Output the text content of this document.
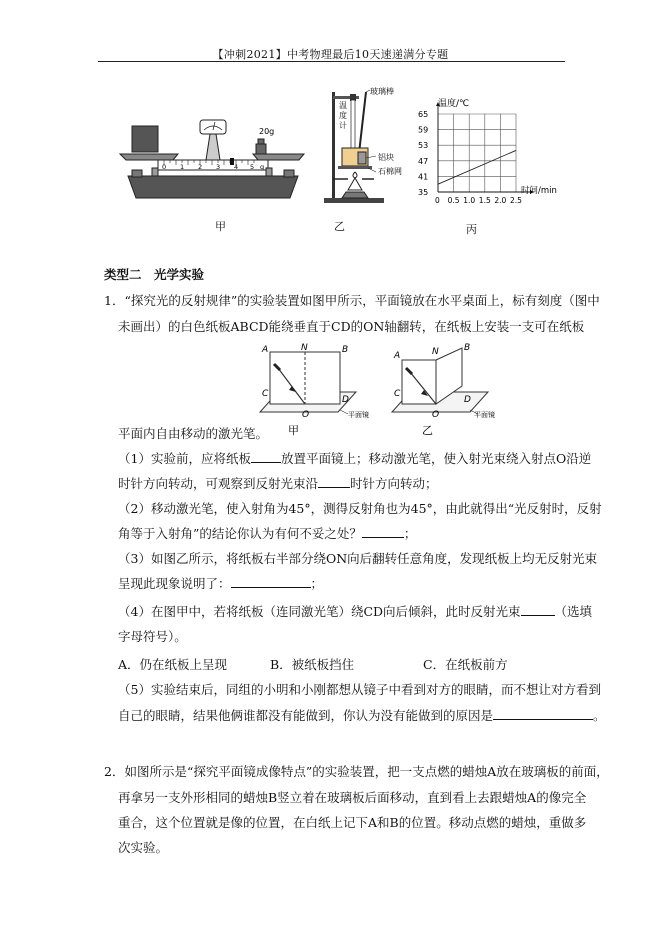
【冲刺2021】中考物理最后10天速递满分专题
20g
0 1 2 3 4 5 g
甲
玻璃棒
铝块
石棉网
温度计
乙
35
41
47
53
59
65
0 0.5 1.0 1.5 2.0 2.5
温度/℃
时间/min
丙
类型二　光学实验
1．“探究光的反射规律”的实验装置如图甲所示，平面镜放在水平桌面上，标有刻度（图中
未画出）的白色纸板ABCD能绕垂直于CD的ON轴翻转，在纸板上安装一支可在纸板
A	N	B
C
O
D
平面镜
甲
A	N	B
C
O
D
平面镜
乙
平面内自由移动的激光笔。
（1）实验前，应将纸板 放置平面镜上；移动激光笔，使入射光束绕入射点O沿逆
时针方向转动，可观察到反射光束沿	时针方向转动；
（2）移动激光笔，使入射角为45°，测得反射角也为45°，由此就得出“光反射时，反射
角等于入射角”的结论你认为有何不妥之处？	；
（3）如图乙所示，将纸板右半部分绕ON向后翻转任意角度，发现纸板上均无反射光束
呈现此现象说明了：	；
（4）在图甲中，若将纸板（连同激光笔）绕CD向后倾斜，此时反射光束	（选填
字母符号）。
A．仍在纸板上呈现	B．被纸板挡住	C．在纸板前方
（5）实验结束后，同组的小明和小刚都想从镜子中看到对方的眼睛，而不想让对方看到
自己的眼睛，结果他俩谁都没有能做到，你认为没有能做到的原因是	。
2．如图所示是“探究平面镜成像特点”的实验装置，把一支点燃的蜡烛A放在玻璃板的前面，
再拿另一支外形相同的蜡烛B竖立着在玻璃板后面移动，直到看上去跟蜡烛A的像完全
重合，这个位置就是像的位置，在白纸上记下A和B的位置。移动点燃的蜡烛，重做多
次实验。
